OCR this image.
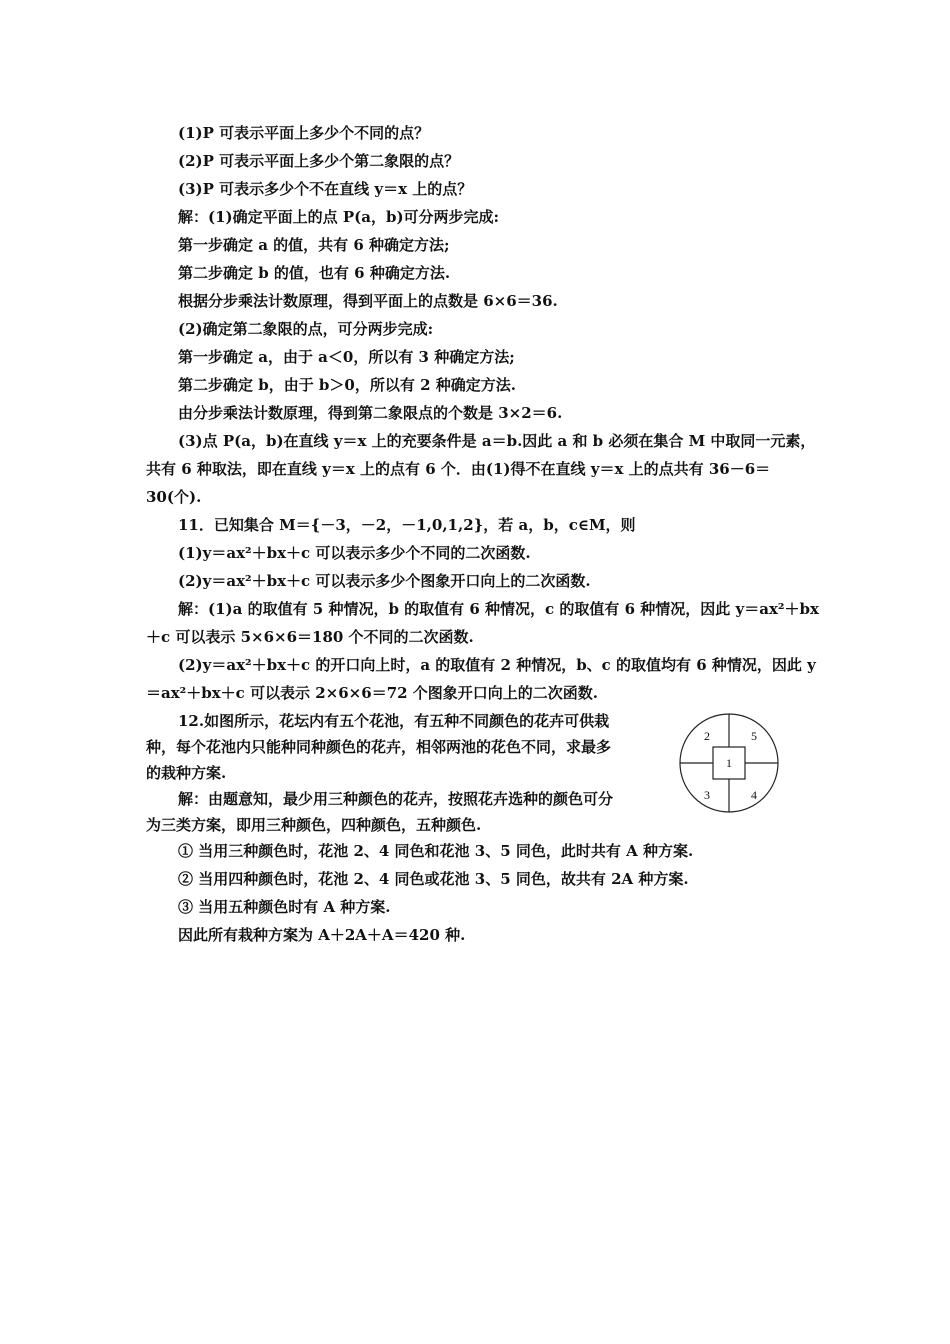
(1)P 可表示平面上多少个不同的点？
(2)P 可表示平面上多少个第二象限的点？
(3)P 可表示多少个不在直线 y＝x 上的点？
解：(1)确定平面上的点 P(a，b)可分两步完成:
第一步确定 a 的值，共有 6 种确定方法;
第二步确定 b 的值，也有 6 种确定方法.
根据分步乘法计数原理，得到平面上的点数是 6×6＝36.
(2)确定第二象限的点，可分两步完成:
第一步确定 a，由于 a＜0，所以有 3 种确定方法;
第二步确定 b，由于 b＞0，所以有 2 种确定方法.
由分步乘法计数原理，得到第二象限点的个数是 3×2＝6.
(3)点 P(a，b)在直线 y＝x 上的充要条件是 a＝b.因此 a 和 b 必须在集合 M 中取同一元素，
共有 6 种取法，即在直线 y＝x 上的点有 6 个．由(1)得不在直线 y＝x 上的点共有 36－6＝
30(个).
11．已知集合 M＝{－3，－2，－1,0,1,2}，若 a，b，c∈M，则
(1)y＝ax²＋bx＋c 可以表示多少个不同的二次函数.
(2)y＝ax²＋bx＋c 可以表示多少个图象开口向上的二次函数.
解：(1)a 的取值有 5 种情况，b 的取值有 6 种情况，c 的取值有 6 种情况，因此 y＝ax²＋bx
＋c 可以表示 5×6×6＝180 个不同的二次函数.
(2)y＝ax²＋bx＋c 的开口向上时，a 的取值有 2 种情况，b、c 的取值均有 6 种情况，因此 y
＝ax²＋bx＋c 可以表示 2×6×6＝72 个图象开口向上的二次函数.
12.如图所示，花坛内有五个花池，有五种不同颜色的花卉可供栽
种，每个花池内只能种同种颜色的花卉，相邻两池的花色不同，求最多
的栽种方案.
解：由题意知，最少用三种颜色的花卉，按照花卉选种的颜色可分
为三类方案，即用三种颜色，四种颜色，五种颜色.
① 当用三种颜色时，花池 2、4 同色和花池 3、5 同色，此时共有 A 种方案.
② 当用四种颜色时，花池 2、4 同色或花池 3、5 同色，故共有 2A 种方案.
③ 当用五种颜色时有 A 种方案.
因此所有栽种方案为 A＋2A＋A＝420 种.
1
2
3	4
5
